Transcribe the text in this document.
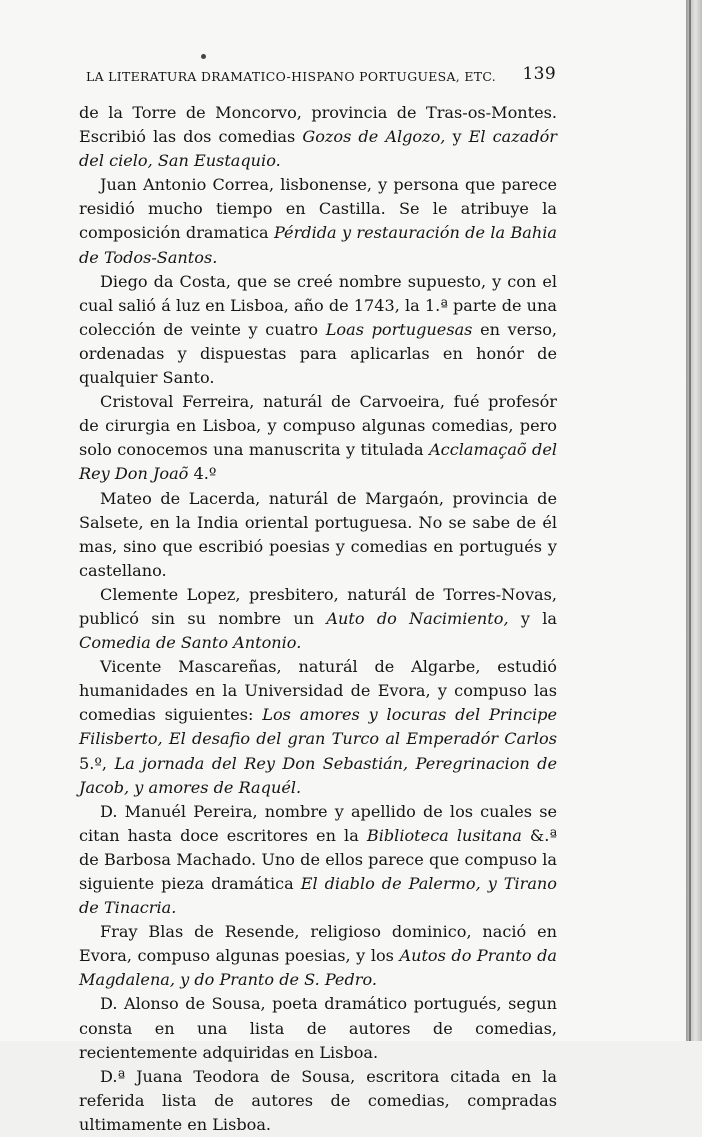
LA LITERATURA DRAMATICO-HISPANO PORTUGUESA, ETC. 139

de la Torre de Moncorvo, provincia de Tras-os-Montes. Escribió las dos comedias Gozos de Algozo, y El cazadór del cielo, San Eustaquio.

Juan Antonio Correa, lisbonense, y persona que parece residió mucho tiempo en Castilla. Se le atribuye la composición dramatica Pérdida y restauración de la Bahia de Todos-Santos.

Diego da Costa, que se creé nombre supuesto, y con el cual salió á luz en Lisboa, año de 1743, la 1.ª parte de una colección de veinte y cuatro Loas portuguesas en verso, ordenadas y dispuestas para aplicarlas en honór de qualquier Santo.

Cristoval Ferreira, naturál de Carvoeira, fué profesór de cirurgia en Lisboa, y compuso algunas comedias, pero solo conocemos una manuscrita y titulada Acclamaçaõ del Rey Don Joaõ 4.º

Mateo de Lacerda, naturál de Margaón, provincia de Salsete, en la India oriental portuguesa. No se sabe de él mas, sino que escribió poesias y comedias en portugués y castellano.

Clemente Lopez, presbitero, naturál de Torres-Novas, publicó sin su nombre un Auto do Nacimiento, y la Comedia de Santo Antonio.

Vicente Mascareñas, naturál de Algarbe, estudió humanidades en la Universidad de Evora, y compuso las comedias siguientes: Los amores y locuras del Principe Filisberto, El desafio del gran Turco al Emperadór Carlos 5.º, La jornada del Rey Don Sebastián, Peregrinacion de Jacob, y amores de Raquél.

D. Manuél Pereira, nombre y apellido de los cuales se citan hasta doce escritores en la Biblioteca lusitana &.ª de Barbosa Machado. Uno de ellos parece que compuso la siguiente pieza dramática El diablo de Palermo, y Tirano de Tinacria.

Fray Blas de Resende, religioso dominico, nació en Evora, compuso algunas poesias, y los Autos do Pranto da Magdalena, y do Pranto de S. Pedro.

D. Alonso de Sousa, poeta dramático portugués, segun consta en una lista de autores de comedias, recientemente adquiridas en Lisboa.

D.ª Juana Teodora de Sousa, escritora citada en la referida lista de autores de comedias, compradas ultimamente en Lisboa.
